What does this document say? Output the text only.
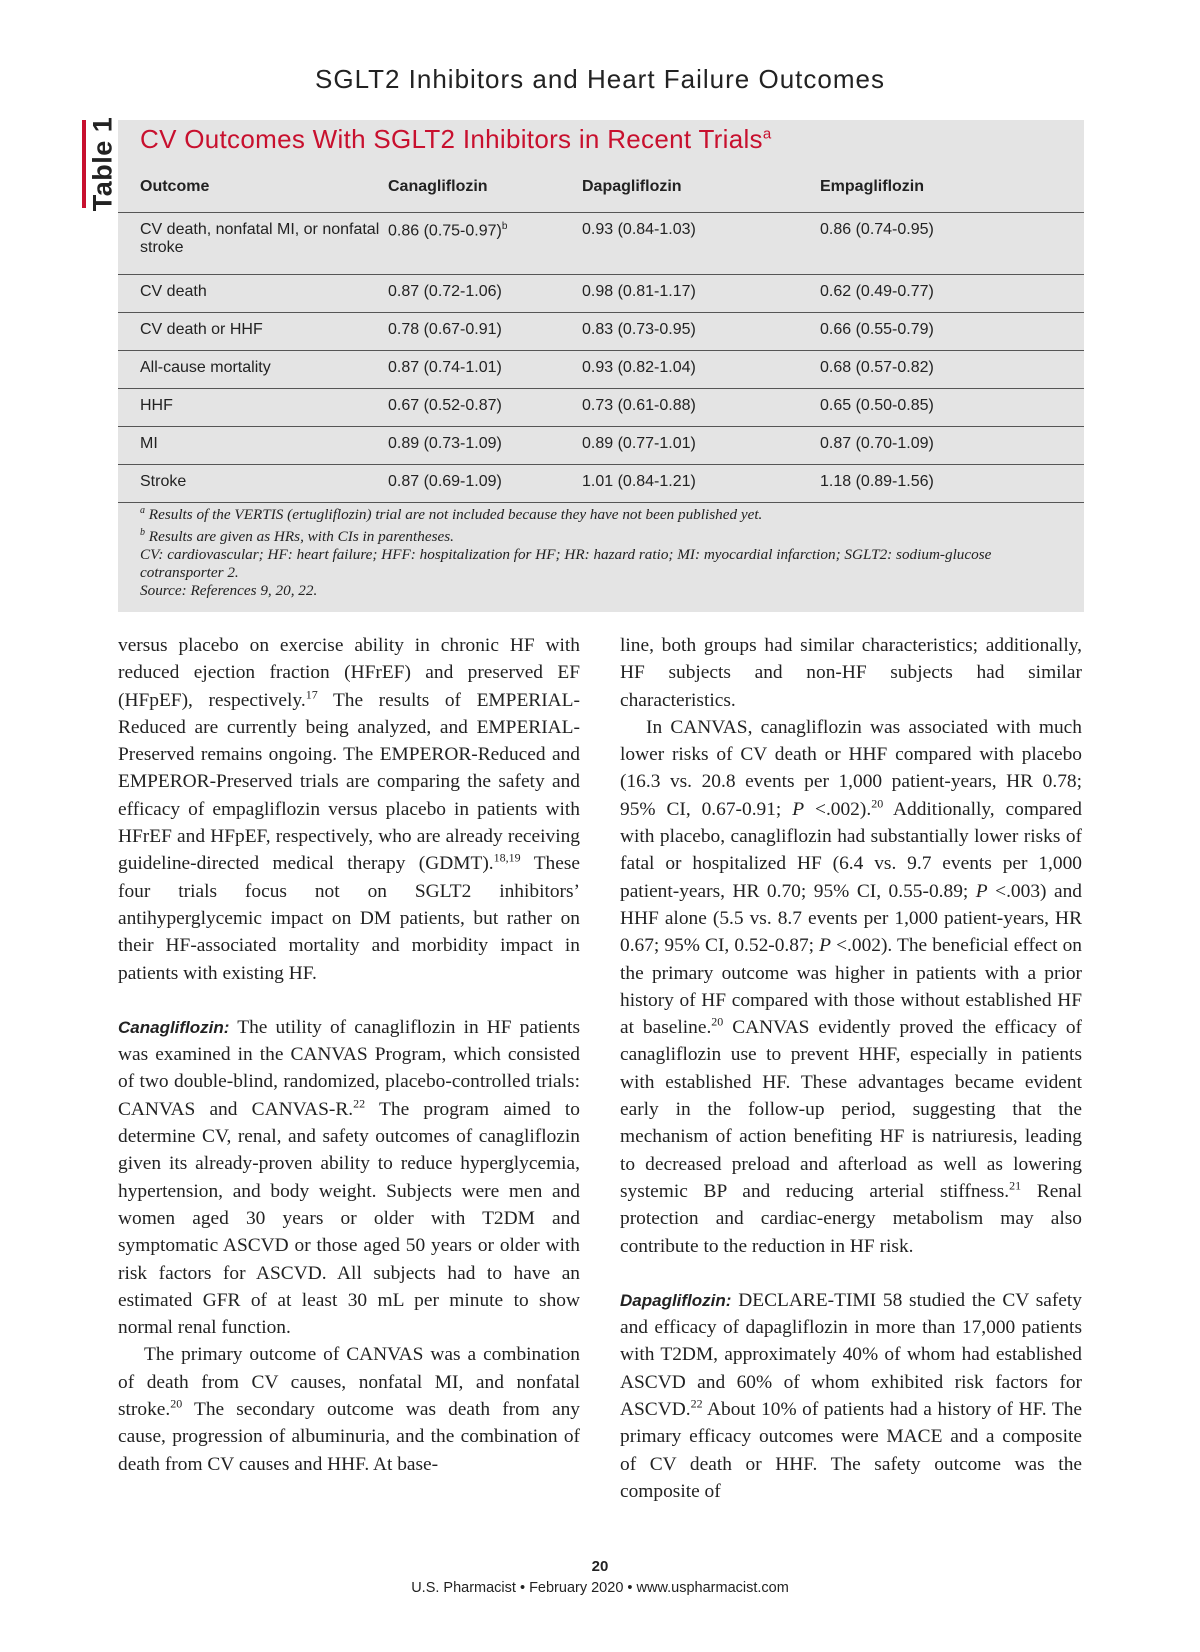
SGLT2 Inhibitors and Heart Failure Outcomes
Table 1 CV Outcomes With SGLT2 Inhibitors in Recent Trials$^a$
Outcome	Canagliflozin	Dapagliflozin	Empagliflozin
CV death, nonfatal MI, or nonfatal stroke	0.86 $(0.75-0.97)^b$	0.93 (0.84-1.03)	0.86 (0.74-0.95)
CV death	0.87 (0.72-1.06)	0.98 (0.81-1.17)	0.62 (0.49-0.77)
CV death or HHF	0.78 (0.67-0.91)	0.83 (0.73-0.95)	0.66 (0.55-0.79)
All-cause mortality	0.87 (0.74-1.01)	0.93 (0.82-1.04)	0.68 (0.57-0.82)
HHF	0.67 (0.52-0.87)	0.73 (0.61-0.88)	0.65 (0.50-0.85)
MI	0.89 (0.73-1.09)	0.89 (0.77-1.01)	0.87 (0.70-1.09)
Stroke	0.87 (0.69-1.09)	1.01 (0.84-1.21)	1.18 (0.89-1.56)
$^a$ Results of the VERTIS (ertugliflozin) trial are not included because they have not been published yet.
$^b$ Results are given as HRs, with CIs in parentheses.
CV: cardiovascular; HF: heart failure; HFF: hospitalization for HF; HR: hazard ratio; MI: myocardial infarction; SGLT2: sodium-glucose cotransporter 2.
Source: References 9, 20, 22.

versus placebo on exercise ability in chronic HF with reduced ejection fraction (HFrEF) and preserved EF (HFpEF), respectively.$^{17}$ The results of EMPERIAL-Reduced are currently being analyzed, and EMPERIAL-Preserved remains ongoing. The EMPEROR-Reduced and EMPEROR-Preserved trials are comparing the safety and efficacy of empagliflozin versus placebo in patients with HFrEF and HFpEF, respectively, who are already receiving guideline-directed medical therapy (GDMT).$^{18,19}$ These four trials focus not on SGLT2 inhibitors’ antihyperglycemic impact on DM patients, but rather on their HF-associated mortality and morbidity impact in patients with existing HF.

Canagliflozin: The utility of canagliflozin in HF patients was examined in the CANVAS Program, which consisted of two double-blind, randomized, placebo-controlled trials: CANVAS and CANVAS-R.$^{22}$ The program aimed to determine CV, renal, and safety outcomes of canagliflozin given its already-proven ability to reduce hyperglycemia, hypertension, and body weight. Subjects were men and women aged 30 years or older with T2DM and symptomatic ASCVD or those aged 50 years or older with risk factors for ASCVD. All subjects had to have an estimated GFR of at least 30 mL per minute to show normal renal function.

The primary outcome of CANVAS was a combination of death from CV causes, nonfatal MI, and nonfatal stroke.$^{20}$ The secondary outcome was death from any cause, progression of albuminuria, and the combination of death from CV causes and HHF. At base-

line, both groups had similar characteristics; additionally, HF subjects and non-HF subjects had similar characteristics.

In CANVAS, canagliflozin was associated with much lower risks of CV death or HHF compared with placebo (16.3 vs. 20.8 events per 1,000 patient-years, HR 0.78; 95% CI, 0.67-0.91; P <.002).$^{20}$ Additionally, compared with placebo, canagliflozin had substantially lower risks of fatal or hospitalized HF (6.4 vs. 9.7 events per 1,000 patient-years, HR 0.70; 95% CI, 0.55-0.89; P <.003) and HHF alone (5.5 vs. 8.7 events per 1,000 patient-years, HR 0.67; 95% CI, 0.52-0.87; P <.002). The beneficial effect on the primary outcome was higher in patients with a prior history of HF compared with those without established HF at baseline.$^{20}$ CANVAS evidently proved the efficacy of canagliflozin use to prevent HHF, especially in patients with established HF. These advantages became evident early in the follow-up period, suggesting that the mechanism of action benefiting HF is natriuresis, leading to decreased preload and afterload as well as lowering systemic BP and reducing arterial stiffness.$^{21}$ Renal protection and cardiac-energy metabolism may also contribute to the reduction in HF risk.

Dapagliflozin: DECLARE-TIMI 58 studied the CV safety and efficacy of dapagliflozin in more than 17,000 patients with T2DM, approximately 40% of whom had established ASCVD and 60% of whom exhibited risk factors for ASCVD.$^{22}$ About 10% of patients had a history of HF. The primary efficacy outcomes were MACE and a composite of CV death or HHF. The safety outcome was the composite of

20
U.S. Pharmacist • February 2020 • www.uspharmacist.com
